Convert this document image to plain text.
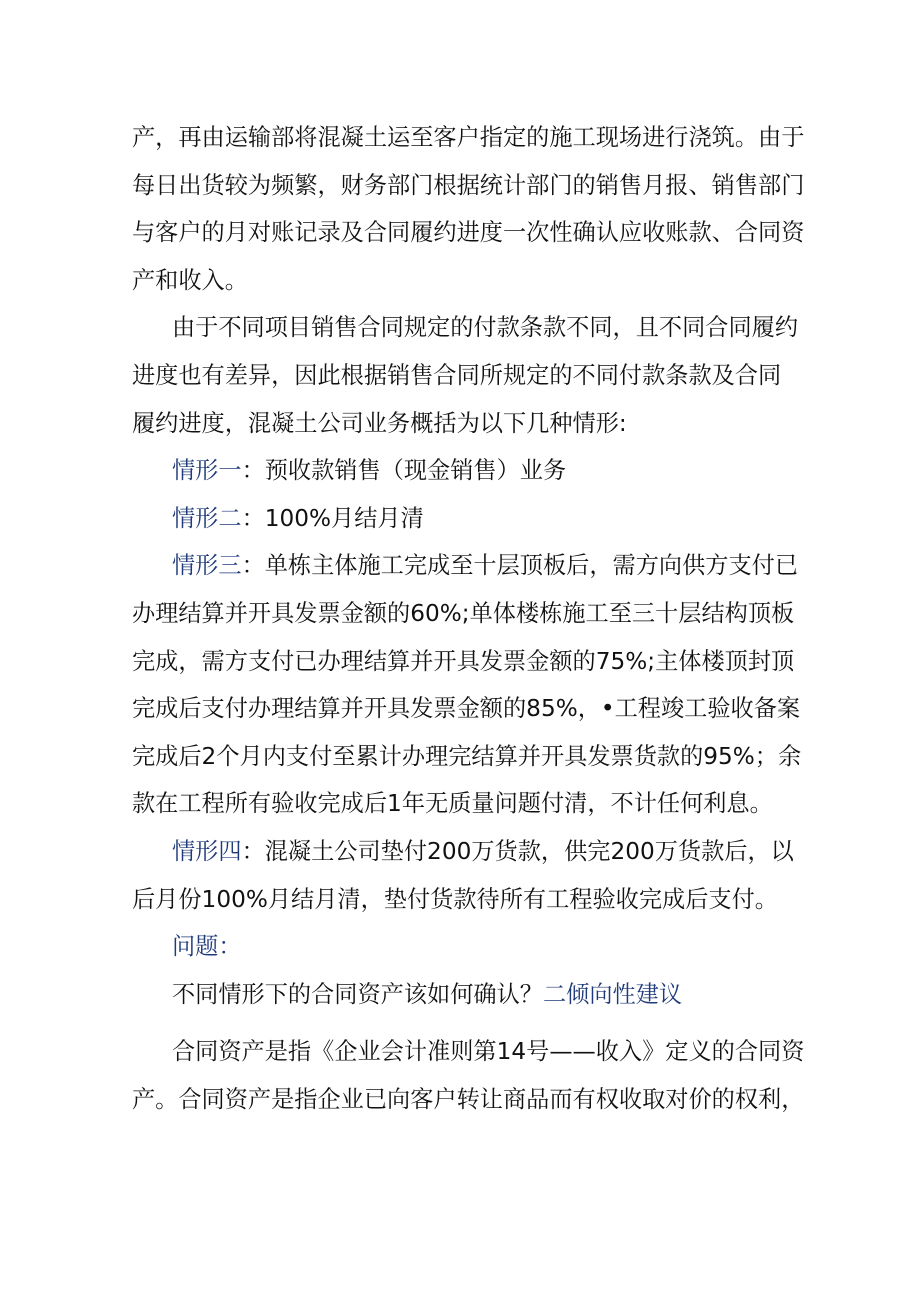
产，再由运输部将混凝土运至客户指定的施工现场进行浇筑。由于
每日出货较为频繁，财务部门根据统计部门的销售月报、销售部门
与客户的月对账记录及合同履约进度一次性确认应收账款、合同资
产和收入。
由于不同项目销售合同规定的付款条款不同，且不同合同履约
进度也有差异，因此根据销售合同所规定的不同付款条款及合同
履约进度，混凝土公司业务概括为以下几种情形:
情形一：预收款销售（现金销售）业务
情形二：100%月结月清
情形三：单栋主体施工完成至十层顶板后，需方向供方支付已
办理结算并开具发票金额的60%;单体楼栋施工至三十层结构顶板
完成，需方支付已办理结算并开具发票金额的75%;主体楼顶封顶
完成后支付办理结算并开具发票金额的85%，•工程竣工验收备案
完成后2个月内支付至累计办理完结算并开具发票货款的95%；余
款在工程所有验收完成后1年无质量问题付清，不计任何利息。
情形四：混凝土公司垫付200万货款，供完200万货款后，以
后月份100%月结月清，垫付货款待所有工程验收完成后支付。
问题：
不同情形下的合同资产该如何确认？二倾向性建议
合同资产是指《企业会计准则第14号——收入》定义的合同资
产。合同资产是指企业已向客户转让商品而有权收取对价的权利，
